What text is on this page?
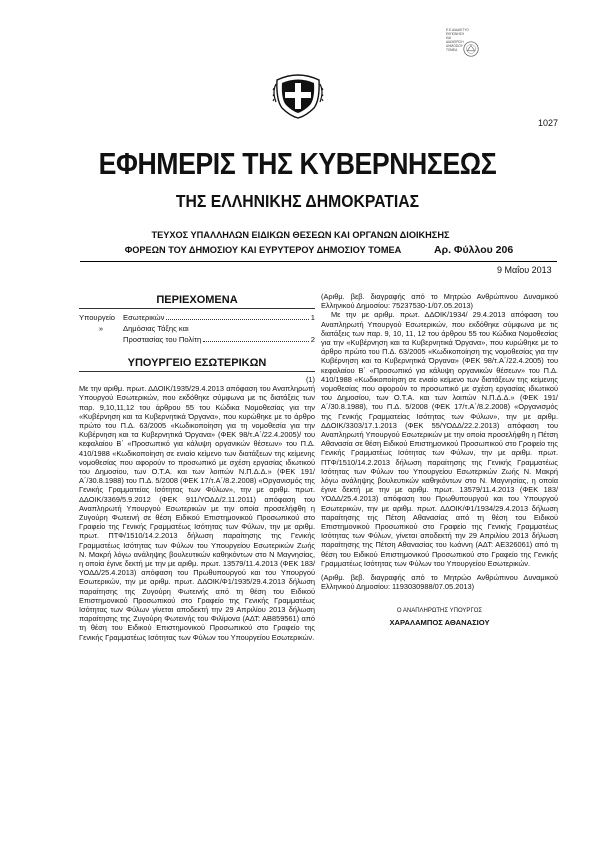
Ε.Ε.ΔΙΑΔΙΚΤΥΟ ΕΚΠΟΝΗΣΗ ΚΑΙ ΔΙΑΧΕΙΡΙΣΗ ΔΗΜΟΣΙΟΥ ΤΟΜΕΑ
1027
ΕΦΗΜΕΡΙΣ ΤΗΣ ΚΥΒΕΡΝΗΣΕΩΣ
ΤΗΣ ΕΛΛΗΝΙΚΗΣ ΔΗΜΟΚΡΑΤΙΑΣ
ΤΕΥΧΟΣ ΥΠΑΛΛΗΛΩΝ ΕΙΔΙΚΩΝ ΘΕΣΕΩΝ ΚΑΙ ΟΡΓΑΝΩΝ ΔΙΟΙΚΗΣΗΣ
ΦΟΡΕΩΝ ΤΟΥ ΔΗΜΟΣΙΟΥ ΚΑΙ ΕΥΡΥΤΕΡΟΥ ΔΗΜΟΣΙΟΥ ΤΟΜΕΑ	Αρ. Φύλλου 206
9 Μαΐου 2013
ΠΕΡΙΕΧΟΜΕΝΑ
Υπουργείο	Εσωτερικών	1
»	Δημόσιας Τάξης και
Προστασίας του Πολίτη	2
ΥΠΟΥΡΓΕΙΟ ΕΣΩΤΕΡΙΚΩΝ

(1)

Με την αριθμ. πρωτ. ΔΔΟΙΚ/1935/29.4.2013 απόφαση του Αναπληρωτή Υπουργού Εσωτερικών, που εκδόθηκε σύμφωνα με τις διατάξεις των παρ. 9,10,11,12 του άρθρου 55 του Κώδικα Νομοθεσίας για την «Κυβέρνηση και τα Κυβερνητικά Όργανα», που κυρώθηκε με το άρθρο πρώτο του Π.Δ. 63/2005 «Κωδικοποίηση για τη νομοθεσία για την Κυβέρνηση και τα Κυβερνητικά Όργανα» (ΦΕΚ 98/τ.Α΄/22.4.2005)/ του κεφαλαίου Β΄ «Προσωπικό για κάλυψη οργανικών θέσεων» του Π.Δ. 410/1988 «Κωδικοποίηση σε ενιαίο κείμενο των διατάξεων της κείμενης νομοθεσίας που αφορούν το προσωπικό με σχέση εργασίας ιδιωτικού του Δημοσίου, των Ο.Τ.Α. και των λοιπών Ν.Π.Δ.Δ.» (ΦΕΚ 191/Α΄/30.8.1988) του Π.Δ. 5/2008 (ΦΕΚ 17/τ.Α΄/8.2.2008) «Οργανισμός της Γενικής Γραμματείας Ισότητας των Φύλων», την με αριθμ. πρωτ. ΔΔΟΙΚ/3369/5.9.2012 (ΦΕΚ 911/ΥΟΔΔ/2.11.2011) απόφαση του Αναπληρωτή Υπουργού Εσωτερικών με την οποία προσελήφθη η Ζυγούρη Φωτεινή σε θέση Ειδικού Επιστημονικού Προσωπικού στο Γραφείο της Γενικής Γραμματέως Ισότητας των Φύλων, την με αριθμ. πρωτ. ΠΤΦ/1510/14.2.2013 δήλωση παραίτησης της Γενικής Γραμματέως Ισότητας των Φύλων του Υπουργείου Εσωτερικών Ζωής Ν. Μακρή λόγω ανάληψης βουλευτικών καθηκόντων στο Ν Μαγνησίας, η οποία έγινε δεκτή με την με αριθμ. πρωτ. 13579/11.4.2013 (ΦΕΚ 183/ΥΟΔΔ/25.4.2013) απόφαση του Πρωθυπουργού και του Υπουργού Εσωτερικών, την με αριθμ. πρωτ. ΔΔΟΙΚ/Φ1/1935/29.4.2013 δήλωση παραίτησης της Ζυγούρη Φωτεινής από τη θέση του Ειδικού Επιστημονικού Προσωπικού στο Γραφείο της Γενικής Γραμματέως Ισότητας των Φύλων γίνεται αποδεκτή την 29 Απριλίου 2013 δήλωση παραίτησης της Ζυγούρη Φωτεινής του Φιλίμονα (ΑΔΤ: ΑΒ859561) από τη θέση του Ειδικού Επιστημονικού Προσωπικού στο Γραφείο της Γενικής Γραμματέως Ισότητας των Φύλων του Υπουργείου Εσωτερικών.

(Αριθμ. βεβ. διαγραφής από το Μητρώο Ανθρώπινου Δυναμικού Ελληνικού Δημοσίου: 75237530-1/07.05.2013)

Με την με αριθμ. πρωτ. ΔΔΟΙΚ/1934/ 29.4.2013 απόφαση του Αναπληρωτή Υπουργού Εσωτερικών, που εκδόθηκε σύμφωνα με τις διατάξεις των παρ. 9, 10, 11, 12 του άρθρου 55 του Κώδικα Νομοθεσίας για την «Κυβέρνηση και τα Κυβερνητικά Όργανα», που κυρώθηκε με το άρθρο πρώτο του Π.Δ. 63/2005 «Κωδικοποίηση της νομοθεσίας για την Κυβέρνηση και τα Κυβερνητικά Όργανα» (ΦΕΚ 98/τ.Α΄/22.4.2005) του κεφαλαίου Β΄ «Προσωπικό για κάλυψη οργανικών θέσεων» του Π.Δ. 410/1988 «Κωδικοποίηση σε ενιαίο κείμενο των διατάξεων της κείμενης νομοθεσίας που αφορούν το προσωπικό με σχέση εργασίας ιδιωτικού του Δημοσίου, των Ο.Τ.Α. και των λοιπών Ν.Π.Δ.Δ.» (ΦΕΚ 191/Α΄/30.8.1988), του Π.Δ. 5/2008 (ΦΕΚ 17/τ.Α΄/8.2.2008) «Οργανισμός της Γενικής Γραμματείας Ισότητας των Φύλων», την με αριθμ. ΔΔΟΙΚ/3303/17.1.2013 (ΦΕΚ 55/ΥΟΔΔ/22.2.2013) απόφαση του Αναπληρωτή Υπουργού Εσωτερικών με την οποία προσελήφθη η Πέτση Αθανασία σε θέση Ειδικού Επιστημονικού Προσωπικού στο Γραφείο της Γενικής Γραμματέως Ισότητας των Φύλων, την με αριθμ. πρωτ. ΠΤΦ/1510/14.2.2013 δήλωση παραίτησης της Γενικής Γραμματέως Ισότητας των Φύλων του Υπουργείου Εσωτερικών Ζωής Ν. Μακρή λόγω ανάληψης βουλευτικών καθηκόντων στο Ν. Μαγνησίας, η οποία έγινε δεκτή με την με αριθμ. πρωτ. 13579/11.4.2013 (ΦΕΚ 183/ΥΟΔΔ/25.4.2013) απόφαση του Πρωθυπουργού και του Υπουργού Εσωτερικών, την με αριθμ. πρωτ. ΔΔΟΙΚ/Φ1/1934/29.4.2013 δήλωση παραίτησης της Πέτση Αθανασίας από τη θέση του Ειδικού Επιστημονικού Προσωπικού στο Γραφείο της Γενικής Γραμματέως Ισότητας των Φύλων, γίνεται αποδεκτή την 29 Απριλίου 2013 δήλωση παραίτησης της Πέτση Αθανασίας του Ιωάννη (ΑΔΤ: ΑΕ326061) από τη θέση του Ειδικού Επιστημονικού Προσωπικού στο Γραφείο της Γενικής Γραμματέως Ισότητας των Φύλων του Υπουργείου Εσωτερικών.

(Αριθμ. βεβ. διαγραφής από το Μητρώο Ανθρώπινου Δυναμικού Ελληνικού Δημοσίου: 1193030988/07.05.2013)

Ο ΑΝΑΠΛΗΡΩΤΗΣ ΥΠΟΥΡΓΟΣ
ΧΑΡΑΛΑΜΠΟΣ ΑΘΑΝΑΣΙΟΥ
